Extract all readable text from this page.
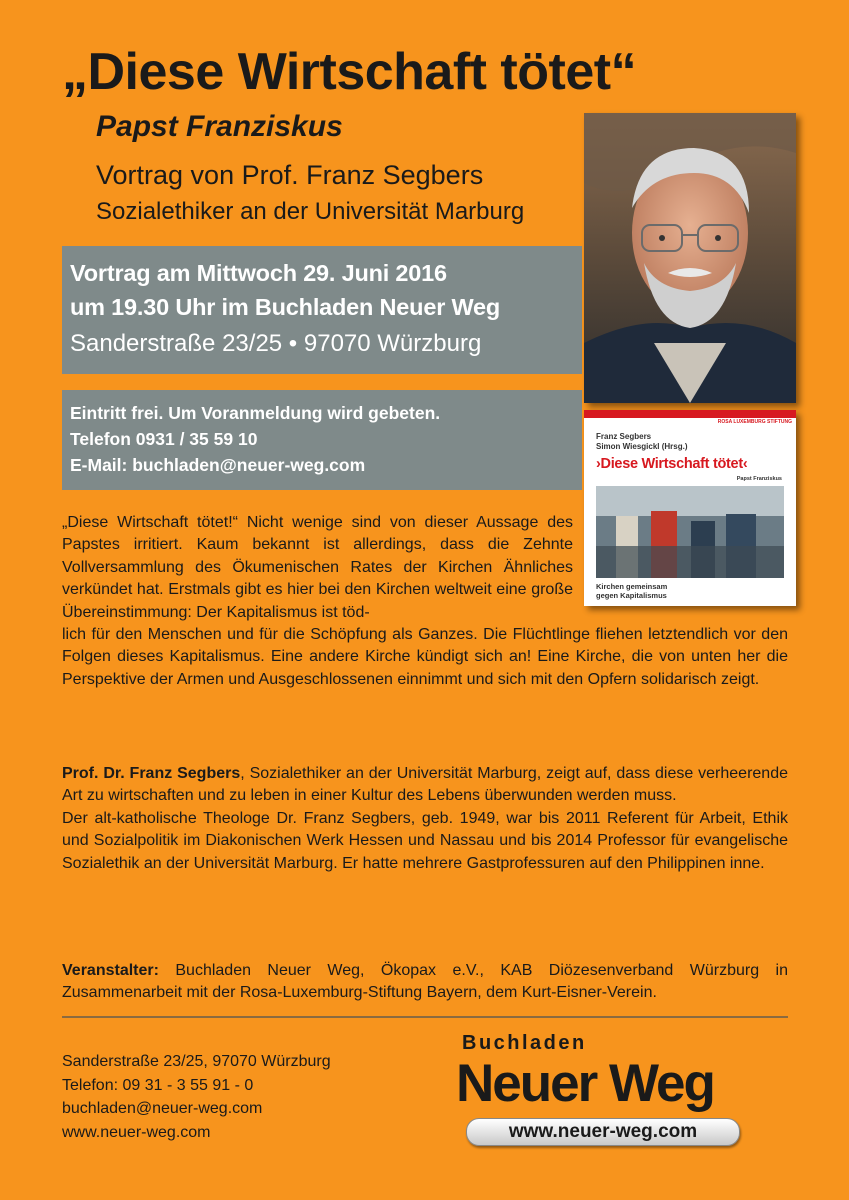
„Diese Wirtschaft tötet“
Papst Franziskus
Vortrag von Prof. Franz Segbers
Sozialethiker an der Universität Marburg
Vortrag am Mittwoch 29. Juni 2016
um 19.30 Uhr im Buchladen Neuer Weg
Sanderstraße 23/25 • 97070 Würzburg
Eintritt frei. Um Voranmeldung wird gebeten.
Telefon 0931 / 35 59 10
E-Mail: buchladen@neuer-weg.com
ROSA LUXEMBURG STIFTUNG
Franz Segbers
Simon Wiesgickl (Hrsg.)
›Diese Wirtschaft tötet‹
Papst Franziskus
Kirchen gemeinsam
gegen Kapitalismus
„Diese Wirtschaft tötet!“ Nicht wenige sind von dieser Aussage des Papstes irritiert. Kaum bekannt ist allerdings, dass die Zehnte Vollversammlung des Ökumenischen Rates der Kirchen Ähnliches verkündet hat. Erstmals gibt es hier bei den Kirchen weltweit eine große Übereinstimmung: Der Kapitalismus ist töd-
lich für den Menschen und für die Schöpfung als Ganzes. Die Flüchtlinge fliehen letztendlich vor den Folgen dieses Kapitalismus. Eine andere Kirche kündigt sich an! Eine Kirche, die von unten her die Perspektive der Armen und Ausgeschlossenen einnimmt und sich mit den Opfern solidarisch zeigt.
Prof. Dr. Franz Segbers, Sozialethiker an der Universität Marburg, zeigt auf, dass diese verheerende Art zu wirtschaften und zu leben in einer Kultur des Lebens überwunden werden muss.
Der alt-katholische Theologe Dr. Franz Segbers, geb. 1949, war bis 2011 Referent für Arbeit, Ethik und Sozialpolitik im Diakonischen Werk Hessen und Nassau und bis 2014 Professor für evangelische Sozialethik an der Universität Marburg. Er hatte mehrere Gastprofessuren auf den Philippinen inne.
Veranstalter: Buchladen Neuer Weg, Ökopax e.V., KAB Diözesenverband Würzburg in Zusammenarbeit mit der Rosa-Luxemburg-Stiftung Bayern, dem Kurt-Eisner-Verein.
Sanderstraße 23/25, 97070 Würzburg
Telefon: 09 31 - 3 55 91 - 0
buchladen@neuer-weg.com
www.neuer-weg.com
Buchladen
Neuer Weg
www.neuer-weg.com
